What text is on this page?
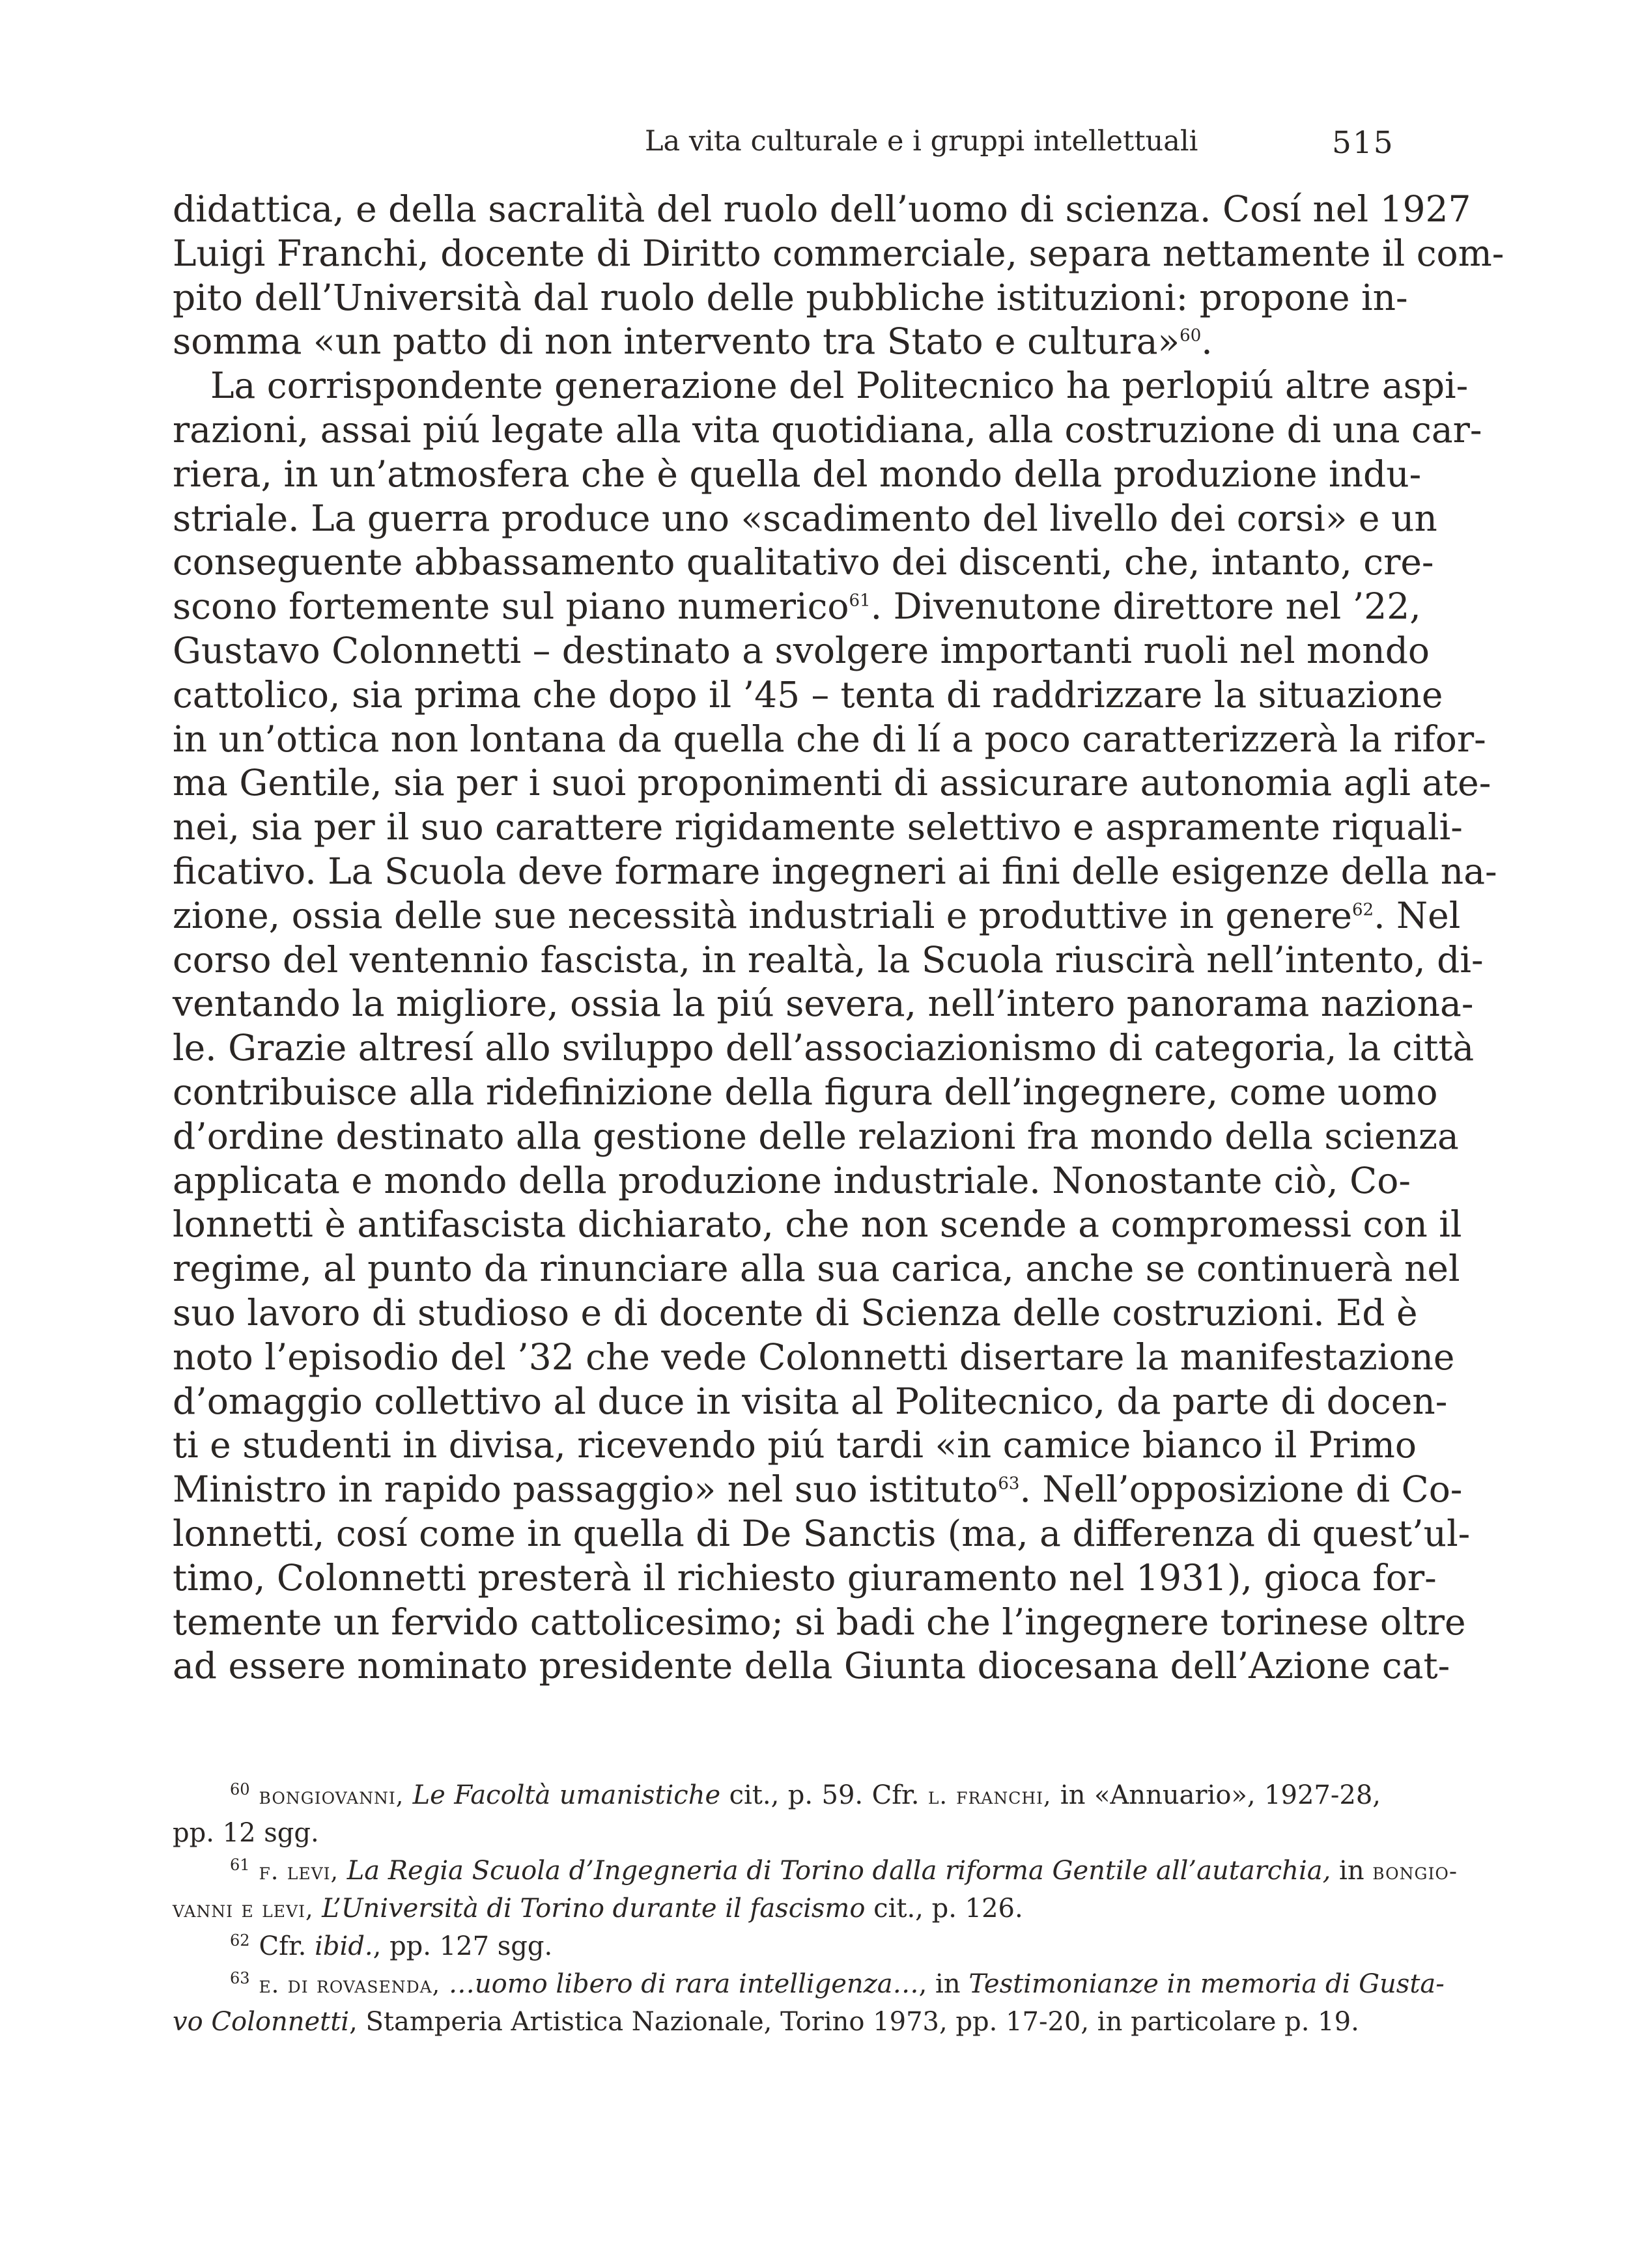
La vita culturale e i gruppi intellettuali	515
didattica, e della sacralità del ruolo dell’uomo di scienza. Cosí nel 1927
Luigi Franchi, docente di Diritto commerciale, separa nettamente il com-
pito dell’Università dal ruolo delle pubbliche istituzioni: propone in-
somma «un patto di non intervento tra Stato e cultura»$^{60}$.
La corrispondente generazione del Politecnico ha perlopiú altre aspi-
razioni, assai piú legate alla vita quotidiana, alla costruzione di una car-
riera, in un’atmosfera che è quella del mondo della produzione indu-
striale. La guerra produce uno «scadimento del livello dei corsi» e un
conseguente abbassamento qualitativo dei discenti, che, intanto, cre-
scono fortemente sul piano numerico$^{61}$. Divenutone direttore nel ’22,
Gustavo Colonnetti – destinato a svolgere importanti ruoli nel mondo
cattolico, sia prima che dopo il ’45 – tenta di raddrizzare la situazione
in un’ottica non lontana da quella che di lí a poco caratterizzerà la rifor-
ma Gentile, sia per i suoi proponimenti di assicurare autonomia agli ate-
nei, sia per il suo carattere rigidamente selettivo e aspramente riquali-
ficativo. La Scuola deve formare ingegneri ai fini delle esigenze della na-
zione, ossia delle sue necessità industriali e produttive in genere$^{62}$. Nel
corso del ventennio fascista, in realtà, la Scuola riuscirà nell’intento, di-
ventando la migliore, ossia la piú severa, nell’intero panorama naziona-
le. Grazie altresí allo sviluppo dell’associazionismo di categoria, la città
contribuisce alla ridefinizione della figura dell’ingegnere, come uomo
d’ordine destinato alla gestione delle relazioni fra mondo della scienza
applicata e mondo della produzione industriale. Nonostante ciò, Co-
lonnetti è antifascista dichiarato, che non scende a compromessi con il
regime, al punto da rinunciare alla sua carica, anche se continuerà nel
suo lavoro di studioso e di docente di Scienza delle costruzioni. Ed è
noto l’episodio del ’32 che vede Colonnetti disertare la manifestazione
d’omaggio collettivo al duce in visita al Politecnico, da parte di docen-
ti e studenti in divisa, ricevendo piú tardi «in camice bianco il Primo
Ministro in rapido passaggio» nel suo istituto$^{63}$. Nell’opposizione di Co-
lonnetti, cosí come in quella di De Sanctis (ma, a differenza di quest’ul-
timo, Colonnetti presterà il richiesto giuramento nel 1931), gioca for-
temente un fervido cattolicesimo; si badi che l’ingegnere torinese oltre
ad essere nominato presidente della Giunta diocesana dell’Azione cat-
$^{60}$ bongiovanni, Le Facoltà umanistiche cit., p. 59. Cfr. l. franchi, in «Annuario», 1927-28,
pp. 12 sgg.
$^{61}$ f. levi, La Regia Scuola d’Ingegneria di Torino dalla riforma Gentile all’autarchia, in bongio-
vanni e levi, L’Università di Torino durante il fascismo cit., p. 126.
$^{62}$ Cfr. ibid., pp. 127 sgg.
$^{63}$ e. di rovasenda, …uomo libero di rara intelligenza…, in Testimonianze in memoria di Gusta-
vo Colonnetti, Stamperia Artistica Nazionale, Torino 1973, pp. 17-20, in particolare p. 19.
